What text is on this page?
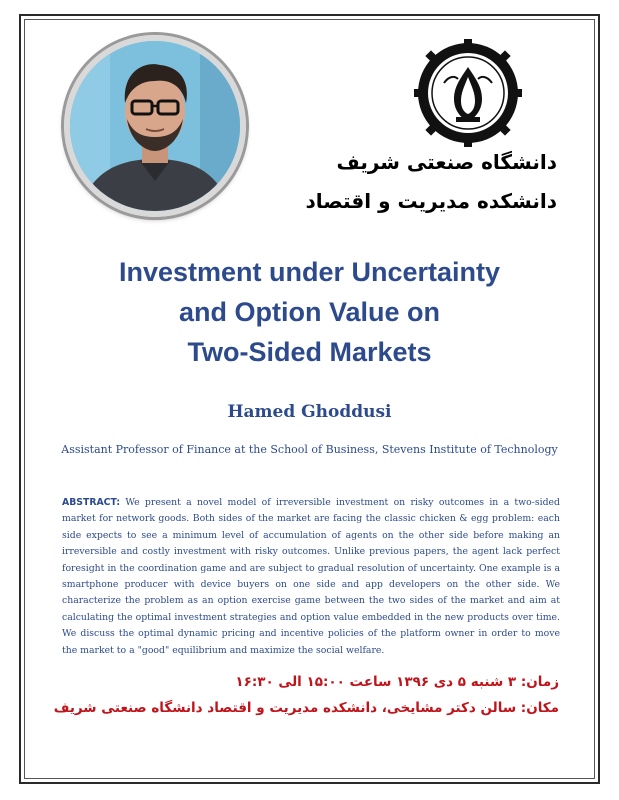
دانشگاه صنعتی شریف
دانشکده مدیریت و اقتصاد
Investment under Uncertainty
and Option Value on
Two-Sided Markets
Hamed Ghoddusi
Assistant Professor of Finance at the School of Business, Stevens Institute of Technology
ABSTRACT: We present a novel model of irreversible investment on risky outcomes in a two-sided market for network goods. Both sides of the market are facing the classic chicken & egg problem: each side expects to see a minimum level of accumulation of agents on the other side before making an irreversible and costly investment with risky outcomes. Unlike previous papers, the agent lack perfect foresight in the coordination game and are subject to gradual resolution of uncertainty. One example is a smartphone producer with device buyers on one side and app developers on the other side. We characterize the problem as an option exercise game between the two sides of the market and aim at calculating the optimal investment strategies and option value embedded in the new products over time. We discuss the optimal dynamic pricing and incentive policies of the platform owner in order to move the market to a "good" equilibrium and maximize the social welfare.
زمان: ۳ شنبه ۵ دی ۱۳۹۶ ساعت ۱۵:۰۰ الی ۱۶:۳۰
مکان: سالن دکتر مشایخی، دانشکده مدیریت و اقتصاد دانشگاه صنعتی شریف
